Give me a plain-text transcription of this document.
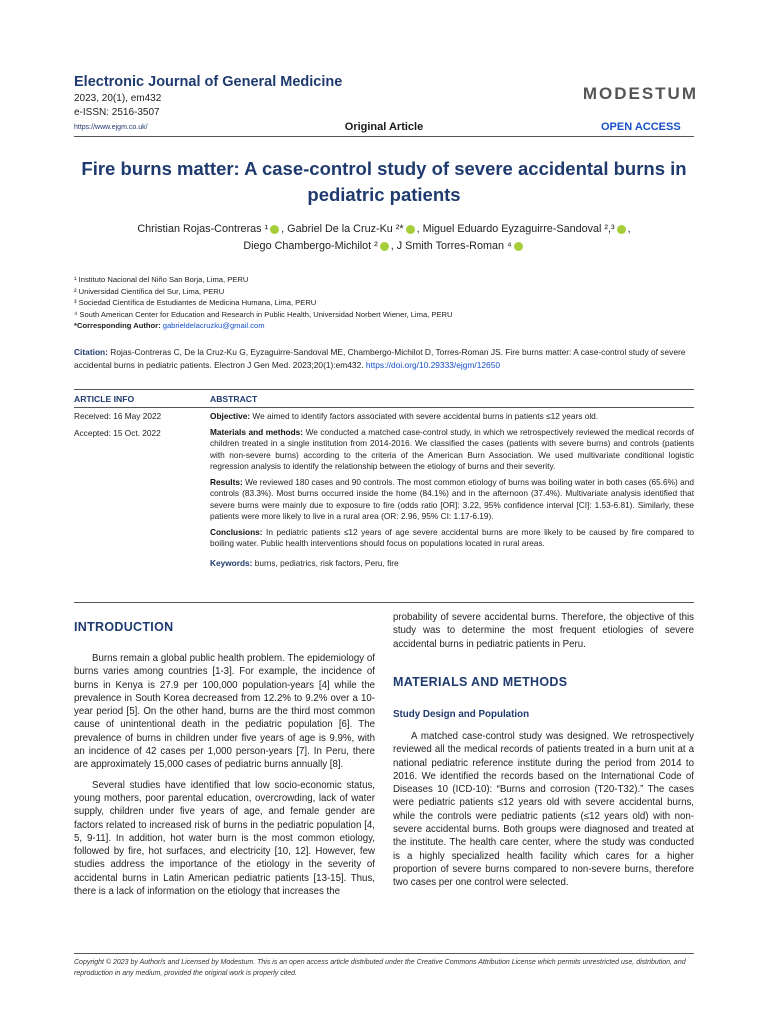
Electronic Journal of General Medicine
2023, 20(1), em432
e-ISSN: 2516-3507
https://www.ejgm.co.uk/
MODESTUM
Original Article	OPEN ACCESS
Fire burns matter: A case-control study of severe accidental burns in
pediatric patients
Christian Rojas-Contreras ¹ , Gabriel De la Cruz-Ku ²* , Miguel Eduardo Eyzaguirre-Sandoval ²,³ ,
Diego Chambergo-Michilot ² , J Smith Torres-Roman ⁴
¹ Instituto Nacional del Niño San Borja, Lima, PERU
² Universidad Científica del Sur, Lima, PERU
³ Sociedad Científica de Estudiantes de Medicina Humana, Lima, PERU
⁴ South American Center for Education and Research in Public Health, Universidad Norbert Wiener, Lima, PERU
*Corresponding Author: gabrieldelacruzku@gmail.com
Citation: Rojas-Contreras C, De la Cruz-Ku G, Eyzaguirre-Sandoval ME, Chambergo-Michilot D, Torres-Roman JS. Fire burns matter: A case-control study of severe accidental burns in pediatric patients. Electron J Gen Med. 2023;20(1):em432. https://doi.org/10.29333/ejgm/12650
ARTICLE INFO	ABSTRACT
Received: 16 May 2022
Accepted: 15 Oct. 2022
Objective: We aimed to identify factors associated with severe accidental burns in patients ≤12 years old.
Materials and methods: We conducted a matched case-control study, in which we retrospectively reviewed the medical records of children treated in a single institution from 2014-2016. We classified the cases (patients with severe burns) and controls (patients with non-severe burns) according to the criteria of the American Burn Association. We used multivariate conditional logistic regression analysis to identify the relationship between the etiology of burns and their severity.
Results: We reviewed 180 cases and 90 controls. The most common etiology of burns was boiling water in both cases (65.6%) and controls (83.3%). Most burns occurred inside the home (84.1%) and in the afternoon (37.4%). Multivariate analysis identified that severe burns were mainly due to exposure to fire (odds ratio [OR]: 3.22, 95% confidence interval [CI]: 1.53-6.81). Similarly, these patients were more likely to live in a rural area (OR: 2.96, 95% CI: 1.17-6.19).
Conclusions: In pediatric patients ≤12 years of age severe accidental burns are more likely to be caused by fire compared to boiling water. Public health interventions should focus on populations located in rural areas.
Keywords: burns, pediatrics, risk factors, Peru, fire
INTRODUCTION

Burns remain a global public health problem. The epidemiology of burns varies among countries [1-3]. For example, the incidence of burns in Kenya is 27.9 per 100,000 population-years [4] while the prevalence in South Korea decreased from 12.2% to 9.2% over a 10-year period [5]. On the other hand, burns are the third most common cause of unintentional death in the pediatric population [6]. The prevalence of burns in children under five years of age is 9.9%, with an incidence of 42 cases per 1,000 person-years [7]. In Peru, there are approximately 15,000 cases of pediatric burns annually [8].

Several studies have identified that low socio-economic status, young mothers, poor parental education, overcrowding, lack of water supply, children under five years of age, and female gender are factors related to increased risk of burns in the pediatric population [4, 5, 9-11]. In addition, hot water burn is the most common etiology, followed by fire, hot surfaces, and electricity [10, 12]. However, few studies address the importance of the etiology in the severity of accidental burns in Latin American pediatric patients [13-15]. Thus, there is a lack of information on the etiology that increases the

probability of severe accidental burns. Therefore, the objective of this study was to determine the most frequent etiologies of severe accidental burns in pediatric patients in Peru.

MATERIALS AND METHODS
Study Design and Population

A matched case-control study was designed. We retrospectively reviewed all the medical records of patients treated in a burn unit at a national pediatric reference institute during the period from 2014 to 2016. We identified the records based on the International Code of Diseases 10 (ICD-10): “Burns and corrosion (T20-T32).” The cases were pediatric patients ≤12 years old with severe accidental burns, while the controls were pediatric patients (≤12 years old) with non-severe accidental burns. Both groups were diagnosed and treated at the institute. The health care center, where the study was conducted is a highly specialized health facility which cares for a higher proportion of severe burns compared to non-severe burns, therefore two cases per one control were selected.

Copyright © 2023 by Author/s and Licensed by Modestum. This is an open access article distributed under the Creative Commons Attribution License which permits unrestricted use, distribution, and reproduction in any medium, provided the original work is properly cited.
